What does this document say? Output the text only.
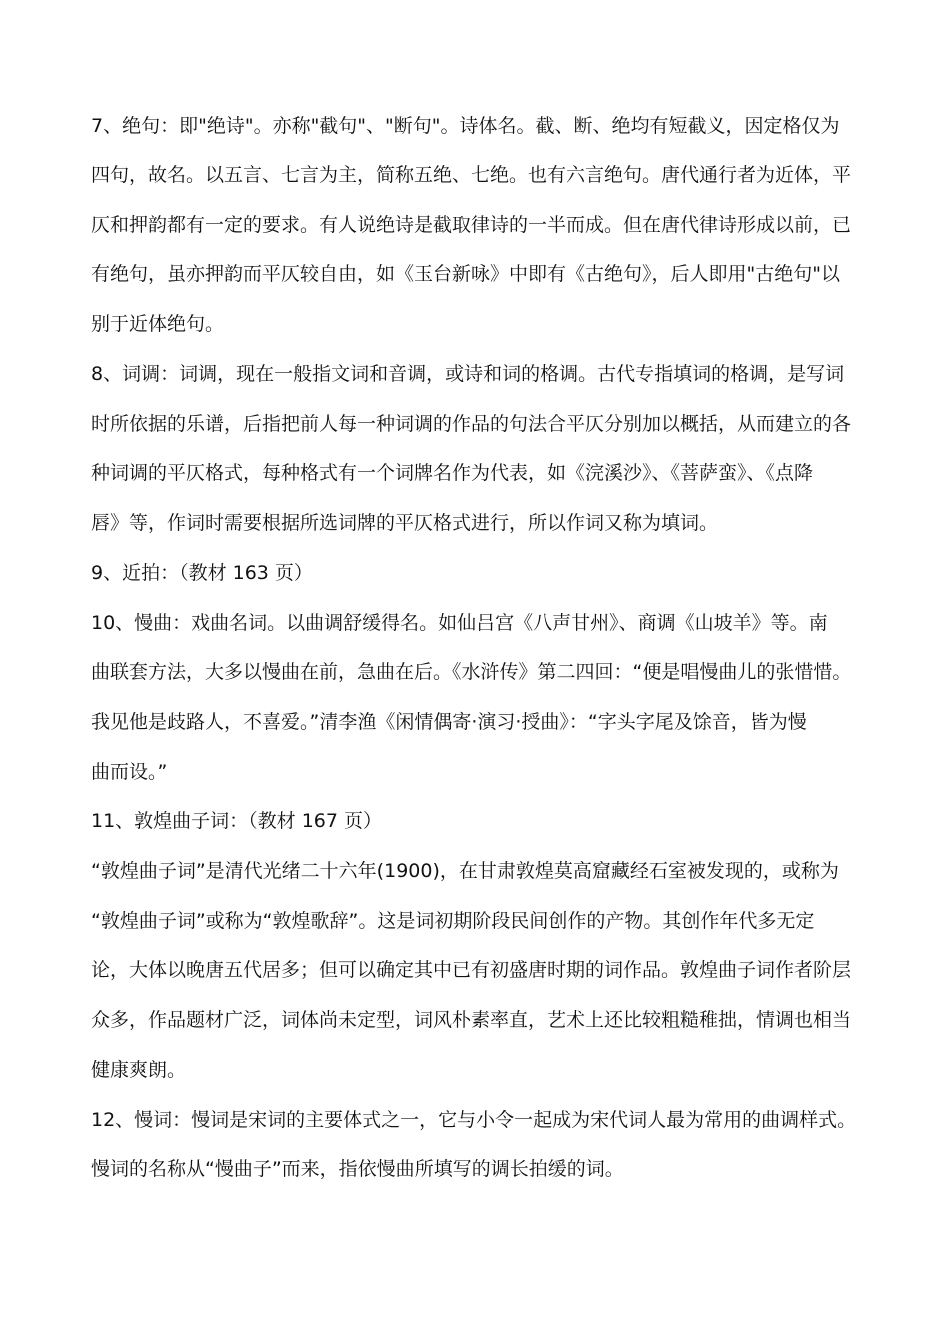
7、绝句：即"绝诗"。亦称"截句"、"断句"。诗体名。截、断、绝均有短截义，因定格仅为
四句，故名。以五言、七言为主，简称五绝、七绝。也有六言绝句。唐代通行者为近体，平
仄和押韵都有一定的要求。有人说绝诗是截取律诗的一半而成。但在唐代律诗形成以前，已
有绝句，虽亦押韵而平仄较自由，如《玉台新咏》中即有《古绝句》，后人即用"古绝句"以
别于近体绝句。
8、词调：词调，现在一般指文词和音调，或诗和词的格调。古代专指填词的格调，是写词
时所依据的乐谱，后指把前人每一种词调的作品的句法合平仄分别加以概括，从而建立的各
种词调的平仄格式，每种格式有一个词牌名作为代表，如《浣溪沙》、《菩萨蛮》、《点降
唇》等，作词时需要根据所选词牌的平仄格式进行，所以作词又称为填词。
9、近拍：（教材 163 页）
10、慢曲：戏曲名词。以曲调舒缓得名。如仙吕宫《八声甘州》、商调《山坡羊》等。南
曲联套方法，大多以慢曲在前，急曲在后。《水浒传》第二四回：“便是唱慢曲儿的张惜惜。
我见他是歧路人，不喜爱。”清李渔《闲情偶寄·演习·授曲》：“字头字尾及馀音，皆为慢
曲而设。”
11、敦煌曲子词：（教材 167 页）
“敦煌曲子词”是清代光绪二十六年(1900)，在甘肃敦煌莫高窟藏经石室被发现的，或称为
“敦煌曲子词”或称为“敦煌歌辞”。这是词初期阶段民间创作的产物。其创作年代多无定
论，大体以晚唐五代居多；但可以确定其中已有初盛唐时期的词作品。敦煌曲子词作者阶层
众多，作品题材广泛，词体尚未定型，词风朴素率直，艺术上还比较粗糙稚拙，情调也相当
健康爽朗。
12、慢词：慢词是宋词的主要体式之一，它与小令一起成为宋代词人最为常用的曲调样式。
慢词的名称从“慢曲子”而来，指依慢曲所填写的调长拍缓的词。
